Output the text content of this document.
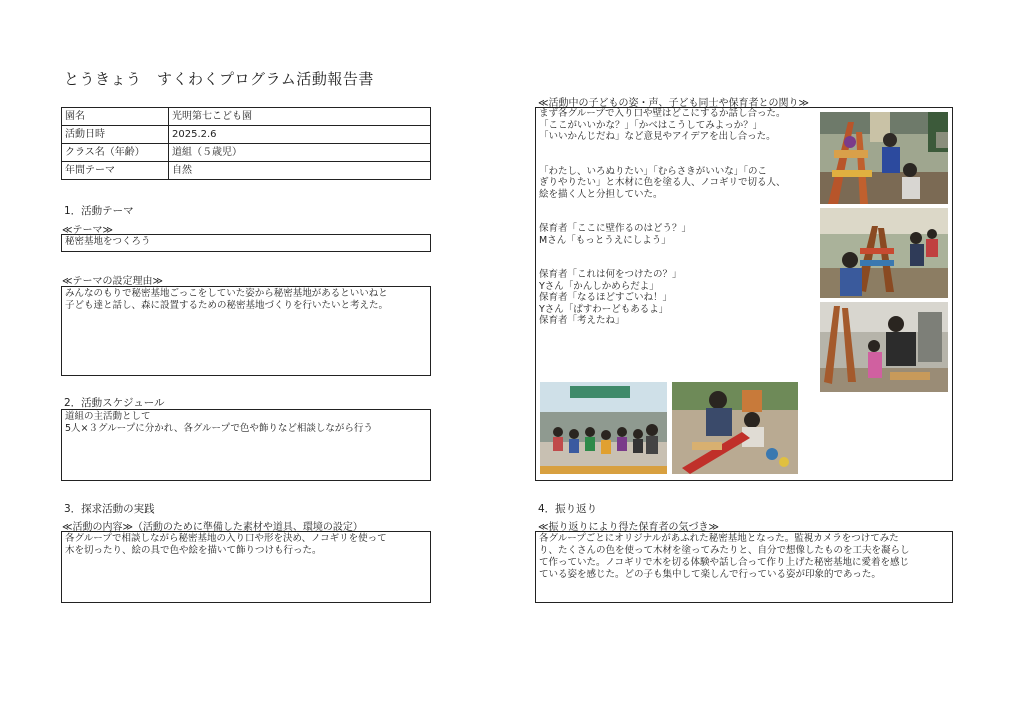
とうきょう　すくわくプログラム活動報告書
園名	光明第七こども園
活動日時	2025.2.6
クラス名（年齢）	道組（５歳児）
年間テーマ	自然
1．活動テーマ
≪テーマ≫
秘密基地をつくろう
≪テーマの設定理由≫
みんなのもりで秘密基地ごっこをしていた姿から秘密基地があるといいねと
子ども達と話し、森に設置するための秘密基地づくりを行いたいと考えた。
2．活動スケジュール
道組の主活動として
5人×３グループに分かれ、各グループで色や飾りなど相談しながら行う
3．探求活動の実践
≪活動の内容≫（活動のために準備した素材や道具、環境の設定）
各グループで相談しながら秘密基地の入り口や形を決め、ノコギリを使って
木を切ったり、絵の具で色や絵を描いて飾りつけも行った。
≪活動中の子どもの姿・声、子ども同士や保育者との関り≫
まず各グループで入り口や壁はどこにするか話し合った。
「ここがいいかな？」「かべはこうしてみよっか？」
「いいかんじだね」など意見やアイデアを出し合った。

「わたし、いろぬりたい」「むらさきがいいな」「のこ
ぎりやりたい」と木材に色を塗る人、ノコギリで切る人、
絵を描く人と分担していた。

保育者「ここに壁作るのはどう？」
Mさん「もっとうえにしよう」

保育者「これは何をつけたの？」
Yさん「かんしかめらだよ」
保育者「なるほどすごいね！」
Yさん「ぱすわーどもあるよ」
保育者「考えたね」
4．振り返り
≪振り返りにより得た保育者の気づき≫
各グループごとにオリジナルがあふれた秘密基地となった。監視カメラをつけてみた
り、たくさんの色を使って木材を塗ってみたりと、自分で想像したものを工夫を凝らし
て作っていた。ノコギリで木を切る体験や話し合って作り上げた秘密基地に愛着を感じ
ている姿を感じた。どの子も集中して楽しんで行っている姿が印象的であった。
